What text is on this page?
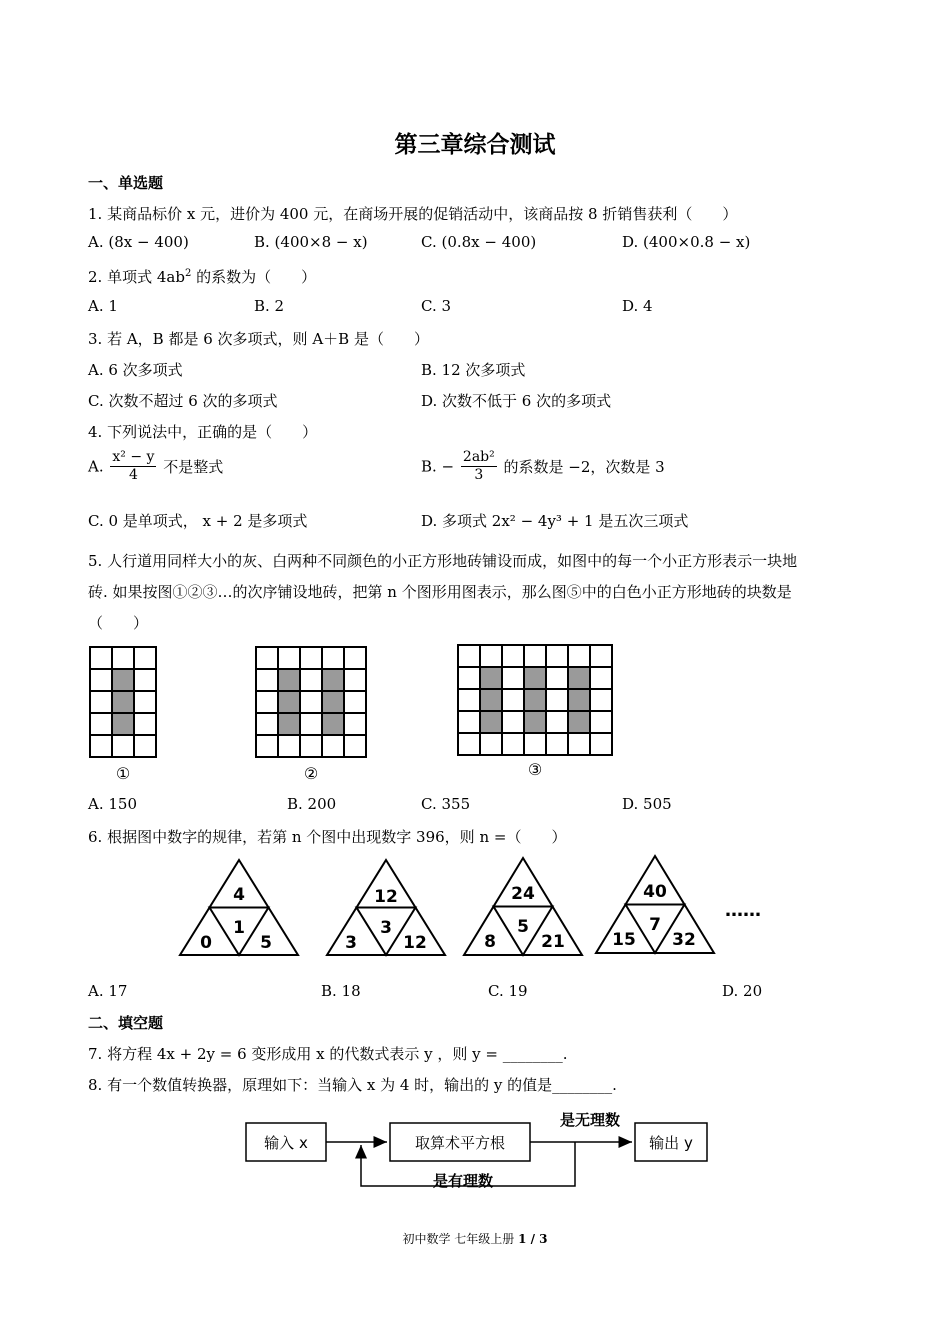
第三章综合测试
一、单选题
1. 某商品标价 x 元，进价为 400 元，在商场开展的促销活动中，该商品按 8 折销售获利（　　）
A. (8x − 400)	B. (400×8 − x)	C. (0.8x − 400)	D. (400×0.8 − x)
2. 单项式 $4ab^2$ 的系数为（　　）
A. 1	B. 2	C. 3	D. 4
3. 若 A，B 都是 6 次多项式，则 A＋B 是（　　）
A. 6 次多项式	B. 12 次多项式
C. 次数不超过 6 次的多项式	D. 次数不低于 6 次的多项式
4. 下列说法中，正确的是（　　）
A. $\frac{\text{x² − y}}{4}$ 不是整式	B. − $\frac{\text{2ab²}}{3}$ 的系数是 −2，次数是 3
C. 0 是单项式， x + 2 是多项式	D. 多项式 2x² − 4y³ + 1 是五次三项式
5. 人行道用同样大小的灰、白两种不同颜色的小正方形地砖铺设而成，如图中的每一个小正方形表示一块地
砖. 如果按图①②③…的次序铺设地砖，把第 n 个图形用图表示，那么图⑤中的白色小正方形地砖的块数是
（　　）
①	②	③
A. 150	B. 200	C. 355	D. 505
6. 根据图中数字的规律，若第 n 个图中出现数字 396，则 n =（　　）
4
1
0	5
12
3
3	12
24
5
8	21
40
7
15 32
……
A. 17	B. 18	C. 19	D. 20
二、填空题
7. 将方程 4x + 2y = 6 变形成用 x 的代数式表示 y ，则 y = ________.
8. 有一个数值转换器，原理如下：当输入 x 为 4 时，输出的 y 的值是________.
输入 x	取算术平方根	输出 y
是无理数
是有理数
初中数学 七年级上册 1 / 3
